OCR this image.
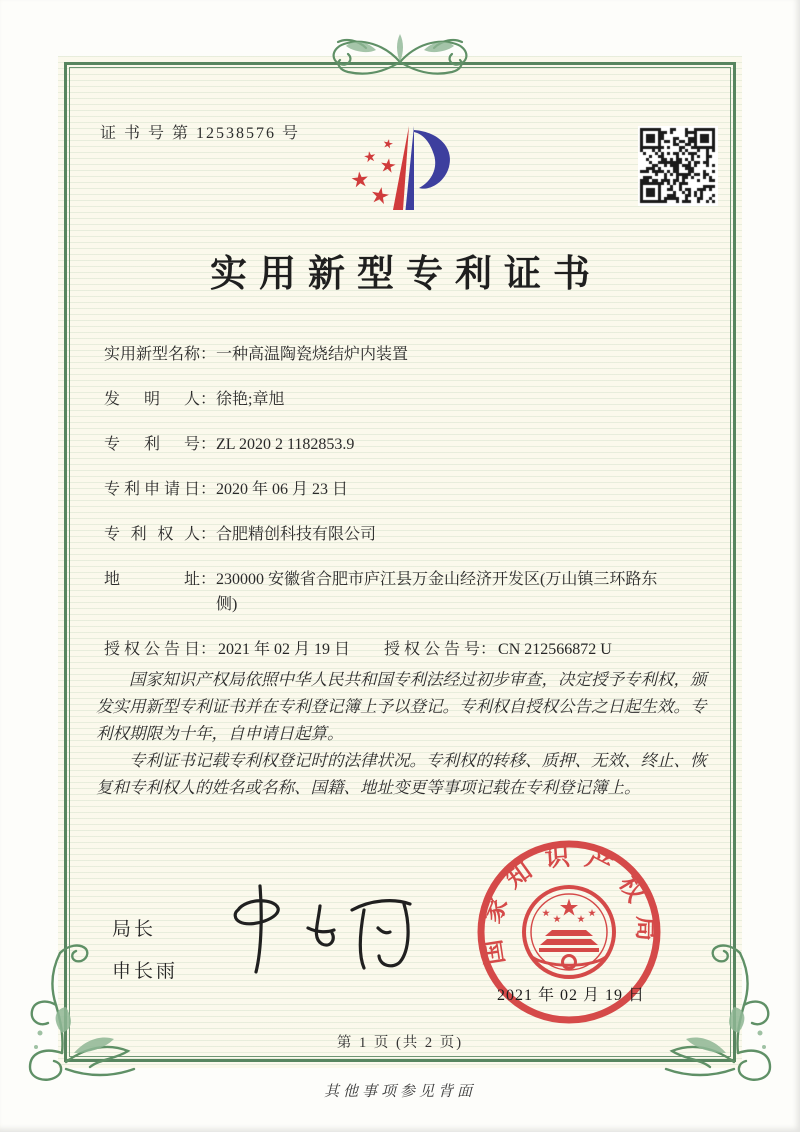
证 书 号 第 12538576 号
实用新型专利证书
实用新型名称 ： 一种高温陶瓷烧结炉内装置
发明人 ： 徐艳;章旭
专利号 ： ZL 2020 2 1182853.9
专利申请日 ： 2020 年 06 月 23 日
专利权人 ： 合肥精创科技有限公司
地址 ： 230000 安徽省合肥市庐江县万金山经济开发区(万山镇三环路东侧)
授权公告日 ： 2021 年 02 月 19 日 授权公告号 ： CN 212566872 U

国家知识产权局依照中华人民共和国专利法经过初步审查，决定授予专利权，颁发实用新型专利证书并在专利登记簿上予以登记。专利权自授权公告之日起生效。专利权期限为十年，自申请日起算。

专利证书记载专利权登记时的法律状况。专利权的转移、质押、无效、终止、恢复和专利权人的姓名或名称、国籍、地址变更等事项记载在专利登记簿上。

局长
申长雨
国家知识产权局
2021 年 02 月 19 日
第 1 页 (共 2 页)
其他事项参见背面
